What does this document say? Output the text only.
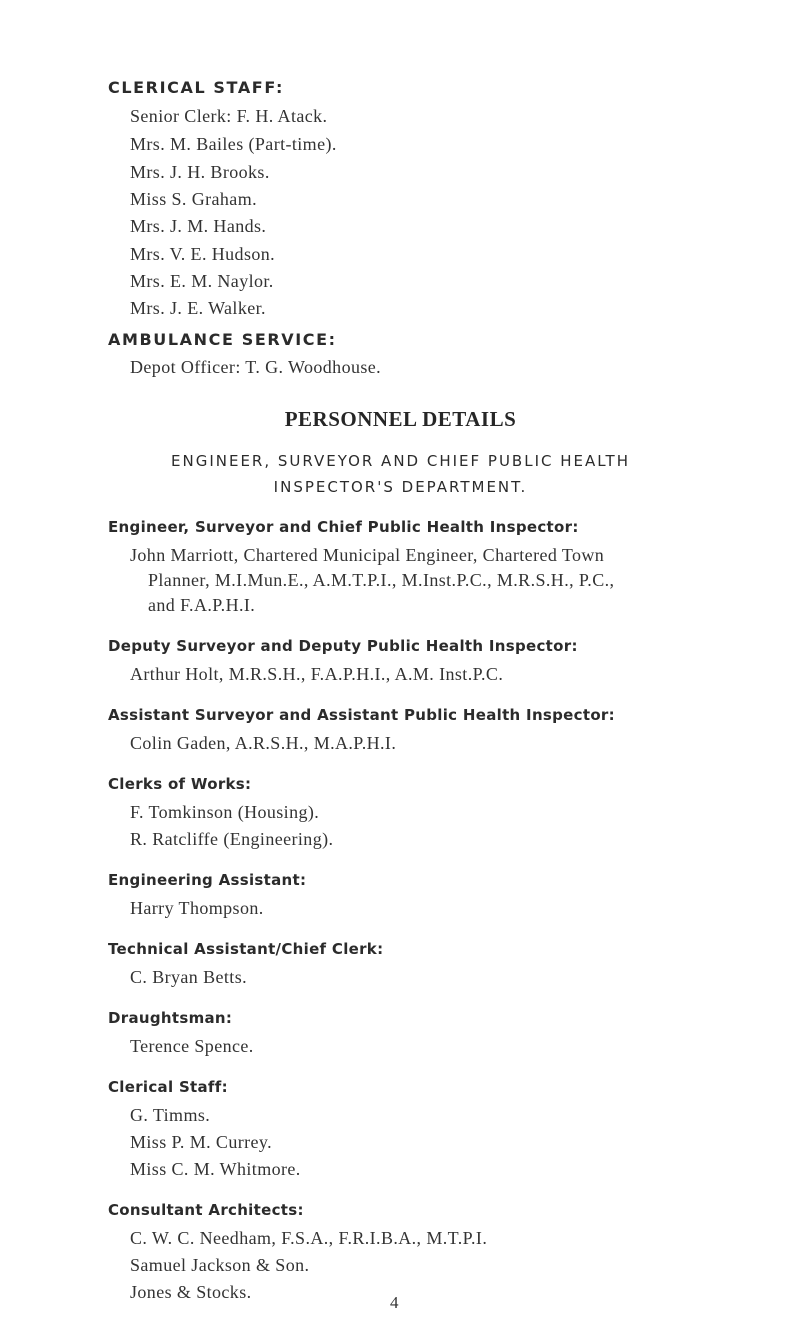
CLERICAL STAFF:
Senior Clerk: F. H. Atack.
Mrs. M. Bailes (Part-time).
Mrs. J. H. Brooks.
Miss S. Graham.
Mrs. J. M. Hands.
Mrs. V. E. Hudson.
Mrs. E. M. Naylor.
Mrs. J. E. Walker.
AMBULANCE SERVICE:
Depot Officer: T. G. Woodhouse.
PERSONNEL DETAILS
ENGINEER, SURVEYOR AND CHIEF PUBLIC HEALTH
INSPECTOR'S DEPARTMENT.
Engineer, Surveyor and Chief Public Health Inspector:
John Marriott, Chartered Municipal Engineer, Chartered Town
Planner, M.I.Mun.E., A.M.T.P.I., M.Inst.P.C., M.R.S.H., P.C.,
and F.A.P.H.I.
Deputy Surveyor and Deputy Public Health Inspector:
Arthur Holt, M.R.S.H., F.A.P.H.I., A.M. Inst.P.C.
Assistant Surveyor and Assistant Public Health Inspector:
Colin Gaden, A.R.S.H., M.A.P.H.I.
Clerks of Works:
F. Tomkinson (Housing).
R. Ratcliffe (Engineering).
Engineering Assistant:
Harry Thompson.
Technical Assistant/Chief Clerk:
C. Bryan Betts.
Draughtsman:
Terence Spence.
Clerical Staff:
G. Timms.
Miss P. M. Currey.
Miss C. M. Whitmore.
Consultant Architects:
C. W. C. Needham, F.S.A., F.R.I.B.A., M.T.P.I.
Samuel Jackson & Son.
Jones & Stocks.
4
